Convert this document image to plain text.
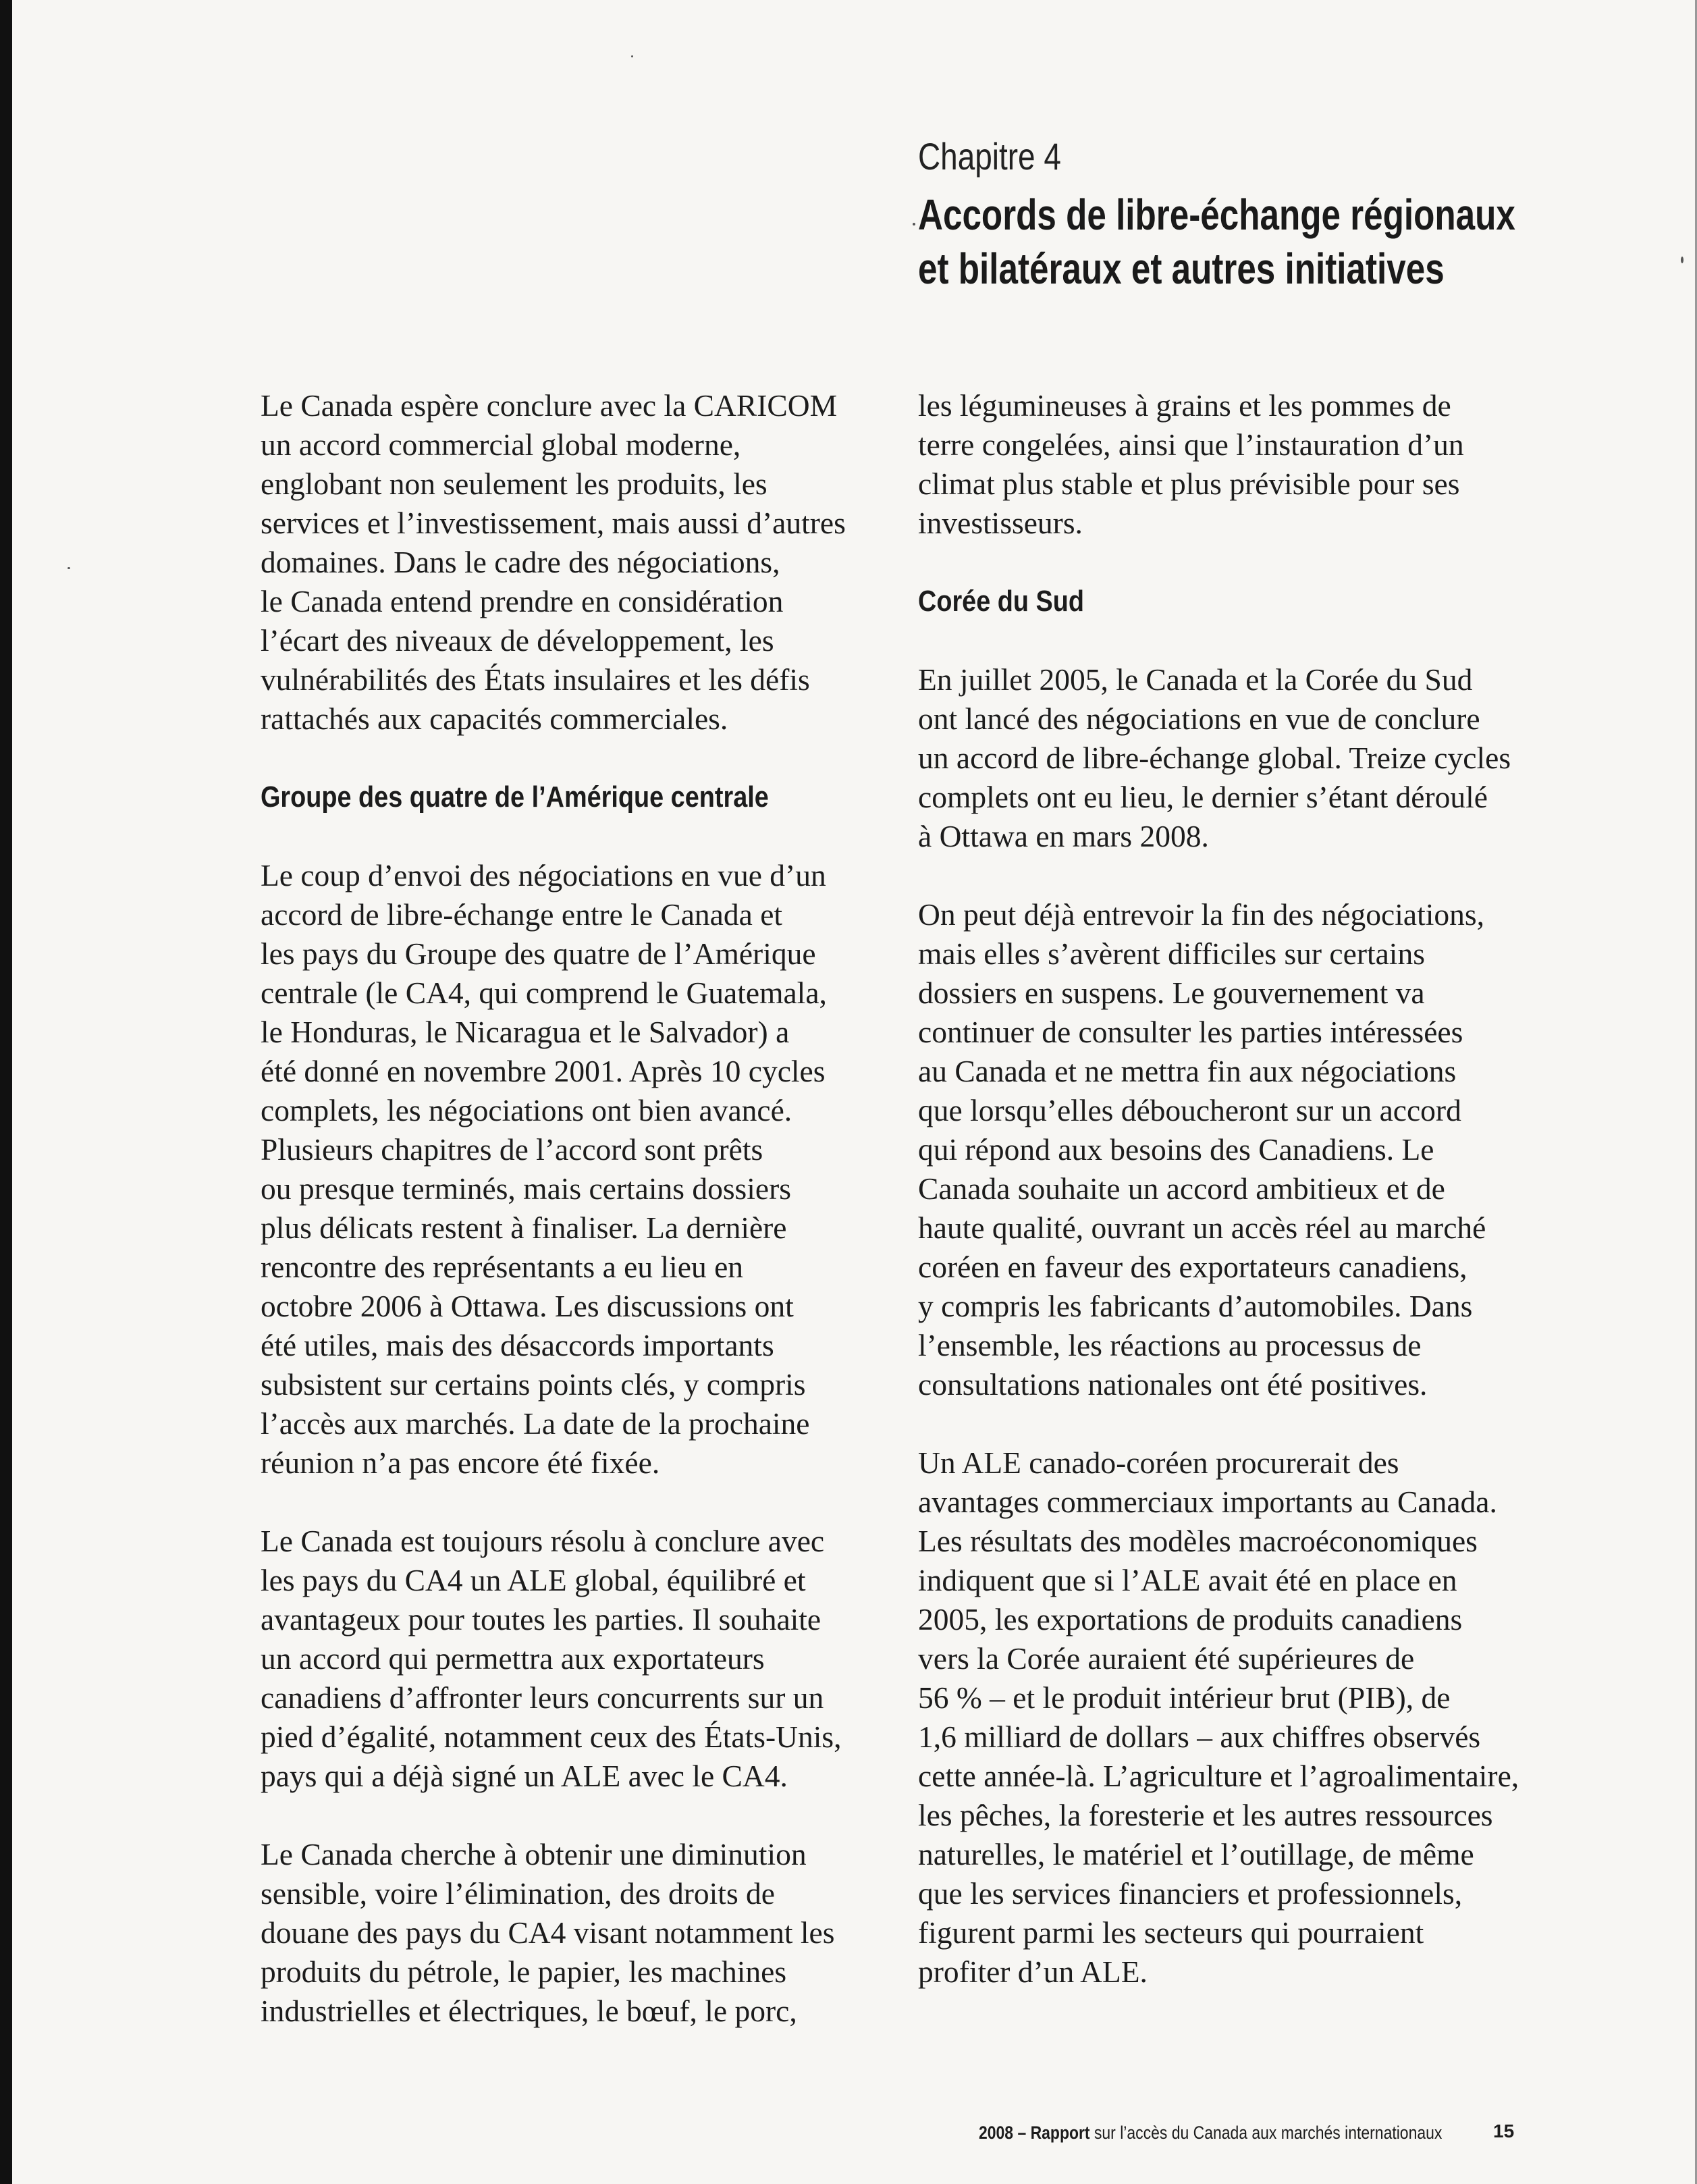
Chapitre 4
Accords de libre-échange régionaux
et bilatéraux et autres initiatives

Le Canada espère conclure avec la CARICOM
un accord commercial global moderne,
englobant non seulement les produits, les
services et l’investissement, mais aussi d’autres
domaines. Dans le cadre des négociations,
le Canada entend prendre en considération
l’écart des niveaux de développement, les
vulnérabilités des États insulaires et les défis
rattachés aux capacités commerciales.

Groupe des quatre de l’Amérique centrale

Le coup d’envoi des négociations en vue d’un
accord de libre-échange entre le Canada et
les pays du Groupe des quatre de l’Amérique
centrale (le CA4, qui comprend le Guatemala,
le Honduras, le Nicaragua et le Salvador) a
été donné en novembre 2001. Après 10 cycles
complets, les négociations ont bien avancé.
Plusieurs chapitres de l’accord sont prêts
ou presque terminés, mais certains dossiers
plus délicats restent à finaliser. La dernière
rencontre des représentants a eu lieu en
octobre 2006 à Ottawa. Les discussions ont
été utiles, mais des désaccords importants
subsistent sur certains points clés, y compris
l’accès aux marchés. La date de la prochaine
réunion n’a pas encore été fixée.

Le Canada est toujours résolu à conclure avec
les pays du CA4 un ALE global, équilibré et
avantageux pour toutes les parties. Il souhaite
un accord qui permettra aux exportateurs
canadiens d’affronter leurs concurrents sur un
pied d’égalité, notamment ceux des États-Unis,
pays qui a déjà signé un ALE avec le CA4.

Le Canada cherche à obtenir une diminution
sensible, voire l’élimination, des droits de
douane des pays du CA4 visant notamment les
produits du pétrole, le papier, les machines
industrielles et électriques, le bœuf, le porc,

les légumineuses à grains et les pommes de
terre congelées, ainsi que l’instauration d’un
climat plus stable et plus prévisible pour ses
investisseurs.

Corée du Sud

En juillet 2005, le Canada et la Corée du Sud
ont lancé des négociations en vue de conclure
un accord de libre-échange global. Treize cycles
complets ont eu lieu, le dernier s’étant déroulé
à Ottawa en mars 2008.

On peut déjà entrevoir la fin des négociations,
mais elles s’avèrent difficiles sur certains
dossiers en suspens. Le gouvernement va
continuer de consulter les parties intéressées
au Canada et ne mettra fin aux négociations
que lorsqu’elles déboucheront sur un accord
qui répond aux besoins des Canadiens. Le
Canada souhaite un accord ambitieux et de
haute qualité, ouvrant un accès réel au marché
coréen en faveur des exportateurs canadiens,
y compris les fabricants d’automobiles. Dans
l’ensemble, les réactions au processus de
consultations nationales ont été positives.

Un ALE canado-coréen procurerait des
avantages commerciaux importants au Canada.
Les résultats des modèles macroéconomiques
indiquent que si l’ALE avait été en place en
2005, les exportations de produits canadiens
vers la Corée auraient été supérieures de
56 % – et le produit intérieur brut (PIB), de
1,6 milliard de dollars – aux chiffres observés
cette année-là. L’agriculture et l’agroalimentaire,
les pêches, la foresterie et les autres ressources
naturelles, le matériel et l’outillage, de même
que les services financiers et professionnels,
figurent parmi les secteurs qui pourraient
profiter d’un ALE.

2008 – Rapport sur l’accès du Canada aux marchés internationaux	15
